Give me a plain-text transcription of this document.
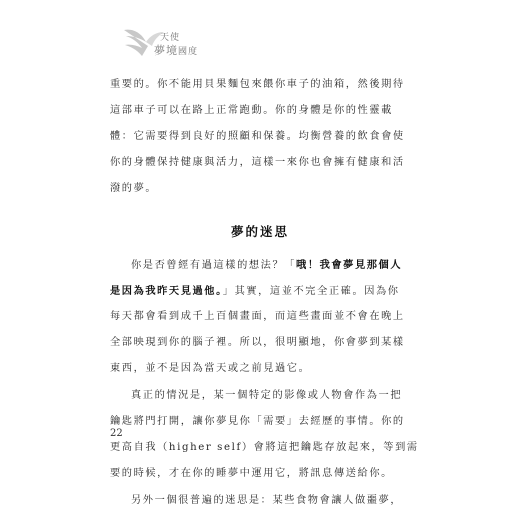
天使
夢境國度

重要的。你不能用貝果麵包來餵你車子的油箱，然後期待

這部車子可以在路上正常跑動。你的身體是你的性靈載

體：它需要得到良好的照顧和保養。均衡營養的飲食會使

你的身體保持健康與活力，這樣一來你也會擁有健康和活

潑的夢。

夢的迷思

你是否曾經有過這樣的想法？「哦！我會夢見那個人

是因為我昨天見過他。」其實，這並不完全正確。因為你

每天都會看到成千上百個畫面，而這些畫面並不會在晚上

全部映現到你的腦子裡。所以，很明顯地，你會夢到某樣

東西，並不是因為當天或之前見過它。

真正的情況是，某一個特定的影像或人物會作為一把

鑰匙將門打開，讓你夢見你「需要」去經歷的事情。你的

更高自我（higher self）會將這把鑰匙存放起來，等到需

要的時候，才在你的睡夢中運用它，將訊息傳送給你。

另外一個很普遍的迷思是：某些食物會讓人做噩夢，

22
